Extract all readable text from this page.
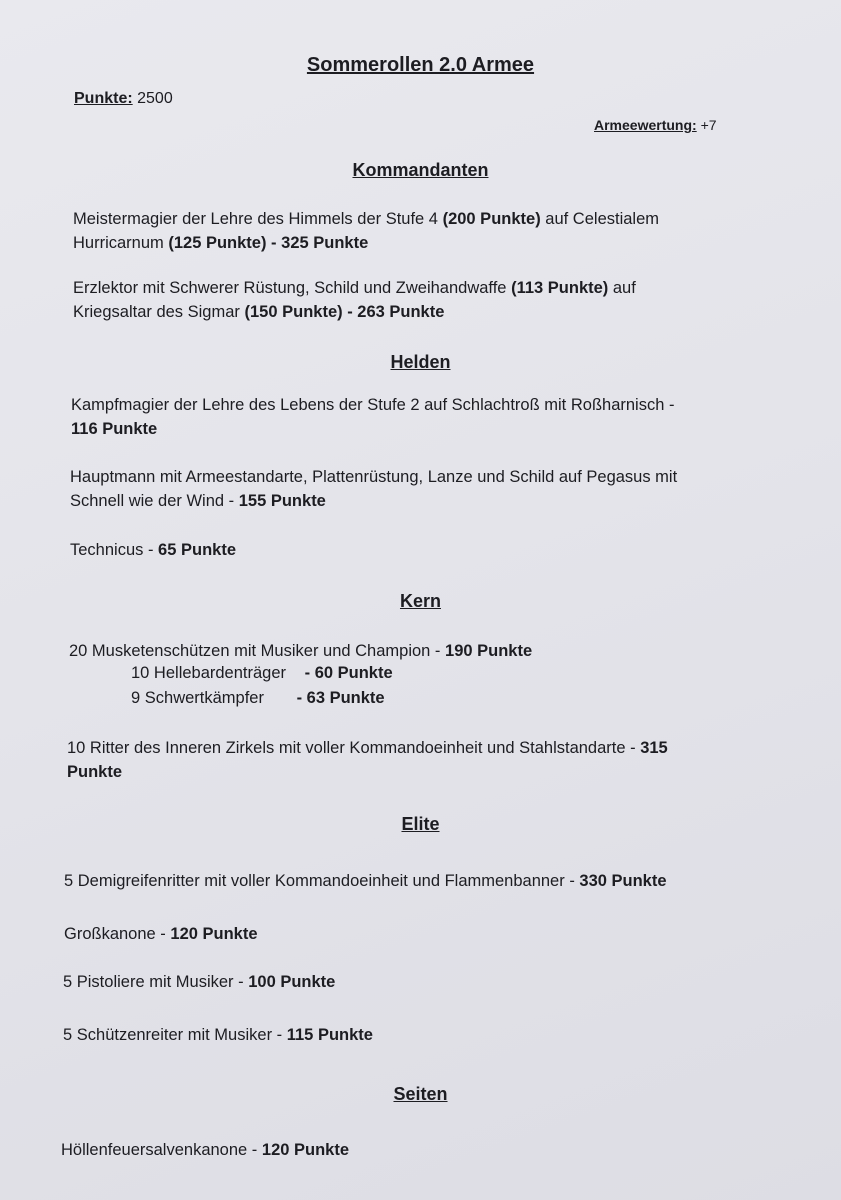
Sommerollen 2.0 Armee
Punkte: 2500
Armeewertung: +7
Kommandanten
Meistermagier der Lehre des Himmels der Stufe 4 (200 Punkte) auf Celestialem
Hurricarnum (125 Punkte) - 325 Punkte
Erzlektor mit Schwerer Rüstung, Schild und Zweihandwaffe (113 Punkte) auf
Kriegsaltar des Sigmar (150 Punkte) - 263 Punkte
Helden
Kampfmagier der Lehre des Lebens der Stufe 2 auf Schlachtroß mit Roßharnisch -
116 Punkte
Hauptmann mit Armeestandarte, Plattenrüstung, Lanze und Schild auf Pegasus mit
Schnell wie der Wind - 155 Punkte
Technicus - 65 Punkte
Kern
20 Musketenschützen mit Musiker und Champion - 190 Punkte
10 Hellebardenträger - 60 Punkte
9 Schwertkämpfer - 63 Punkte
10 Ritter des Inneren Zirkels mit voller Kommandoeinheit und Stahlstandarte - 315
Punkte
Elite
5 Demigreifenritter mit voller Kommandoeinheit und Flammenbanner - 330 Punkte
Großkanone - 120 Punkte
5 Pistoliere mit Musiker - 100 Punkte
5 Schützenreiter mit Musiker - 115 Punkte
Seiten
Höllenfeuersalvenkanone - 120 Punkte
